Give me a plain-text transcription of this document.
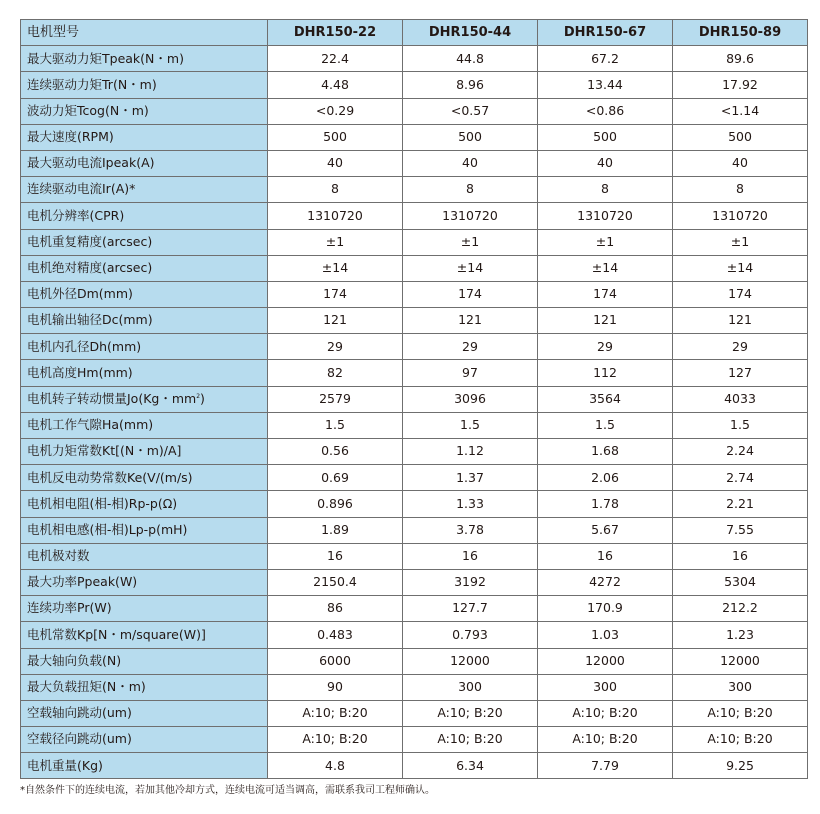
电机型号	DHR150-22	DHR150-44	DHR150-67	DHR150-89
最大驱动力矩Tpeak(N・m)	22.4	44.8	67.2	89.6
连续驱动力矩Tr(N・m)	4.48	8.96	13.44	17.92
波动力矩Tcog(N・m)	<0.29	<0.57	<0.86	<1.14
最大速度(RPM)	500	500	500	500
最大驱动电流Ipeak(A)	40	40	40	40
连续驱动电流Ir(A)*	8	8	8	8
电机分辨率(CPR)	1310720	1310720	1310720	1310720
电机重复精度(arcsec)	±1	±1	±1	±1
电机绝对精度(arcsec)	±14	±14	±14	±14
电机外径Dm(mm)	174	174	174	174
电机输出轴径Dc(mm)	121	121	121	121
电机内孔径Dh(mm)	29	29	29	29
电机高度Hm(mm)	82	97	112	127
电机转子转动惯量Jo(Kg・$mm^2$)	2579	3096	3564	4033
电机工作气隙Ha(mm)	1.5	1.5	1.5	1.5
电机力矩常数Kt[(N・m)/A]	0.56	1.12	1.68	2.24
电机反电动势常数Ke(V/(m/s)	0.69	1.37	2.06	2.74
电机相电阻(相-相)Rp-p(Ω)	0.896	1.33	1.78	2.21
电机相电感(相-相)Lp-p(mH)	1.89	3.78	5.67	7.55
电机极对数	16	16	16	16
最大功率Ppeak(W)	2150.4	3192	4272	5304
连续功率Pr(W)	86	127.7	170.9	212.2
电机常数Kp[N・m/square(W)]	0.483	0.793	1.03	1.23
最大轴向负载(N)	6000	12000	12000	12000
最大负载扭矩(N・m)	90	300	300	300
空载轴向跳动(um)	A:10; B:20	A:10; B:20	A:10; B:20	A:10; B:20
空载径向跳动(um)	A:10; B:20	A:10; B:20	A:10; B:20	A:10; B:20
电机重量(Kg)	4.8	6.34	7.79	9.25
*自然条件下的连续电流，若加其他冷却方式，连续电流可适当调高，需联系我司工程师确认。
